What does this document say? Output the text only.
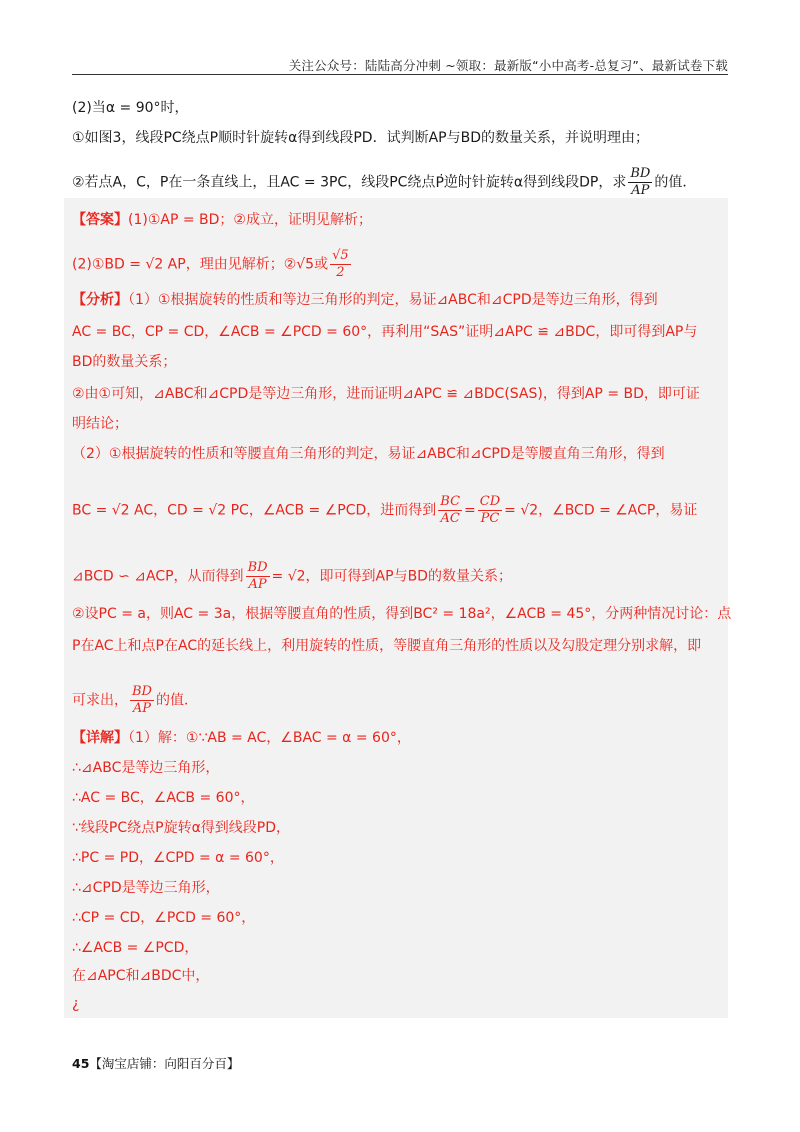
关注公众号：陆陆高分冲刺 ~领取：最新版“小中高考-总复习”、最新试卷下载
(2)当α = 90°时，
①如图3，线段PC绕点P顺时针旋转α得到线段PD．试判断AP与BD的数量关系，并说明理由；
②若点A，C，P在一条直线上，且AC = 3PC，线段PC绕点· · · P逆时针旋转α得到线段DP，求 $\frac{BD}{AP}$ 的值．
【答案】(1)①AP = BD；②成立，证明见解析；
(2)①BD = √2 AP，理由见解析；②√5或 $\frac{√5}{2}$
【分析】（1）①根据旋转的性质和等边三角形的判定，易证⊿ABC和⊿CPD是等边三角形，得到
AC = BC，CP = CD，∠ACB = ∠PCD = 60°，再利用“SAS”证明⊿APC ≌ ⊿BDC，即可得到AP与
BD的数量关系；
②由①可知，⊿ABC和⊿CPD是等边三角形，进而证明⊿APC ≌ ⊿BDC(SAS)，得到AP = BD，即可证
明结论；
（2）①根据旋转的性质和等腰直角三角形的判定，易证⊿ABC和⊿CPD是等腰直角三角形，得到
BC = √2 AC，CD = √2 PC，∠ACB = ∠PCD，进而得到 $\frac{BC}{AC} = \frac{CD}{PC} = √2$，∠BCD = ∠ACP，易证
⊿BCD ∽ ⊿ACP，从而得到 $\frac{BD}{AP} = √2$，即可得到AP与BD的数量关系；
②设PC = a，则AC = 3a，根据等腰直角的性质，得到BC² = 18a²，∠ACB = 45°，分两种情况讨论：点
P在AC上和点P在AC的延长线上，利用旋转的性质，等腰直角三角形的性质以及勾股定理分别求解，即
可求出， $\frac{BD}{AP}$ 的值．
【详解】（1）解：①∵AB = AC，∠BAC = α = 60°，
∴⊿ABC是等边三角形，
∴AC = BC，∠ACB = 60°，
∵线段PC绕点P旋转α得到线段PD，
∴PC = PD，∠CPD = α = 60°，
∴⊿CPD是等边三角形，
∴CP = CD，∠PCD = 60°，
∴∠ACB = ∠PCD，
在⊿APC和⊿BDC中，
¿
45【淘宝店铺：向阳百分百】
